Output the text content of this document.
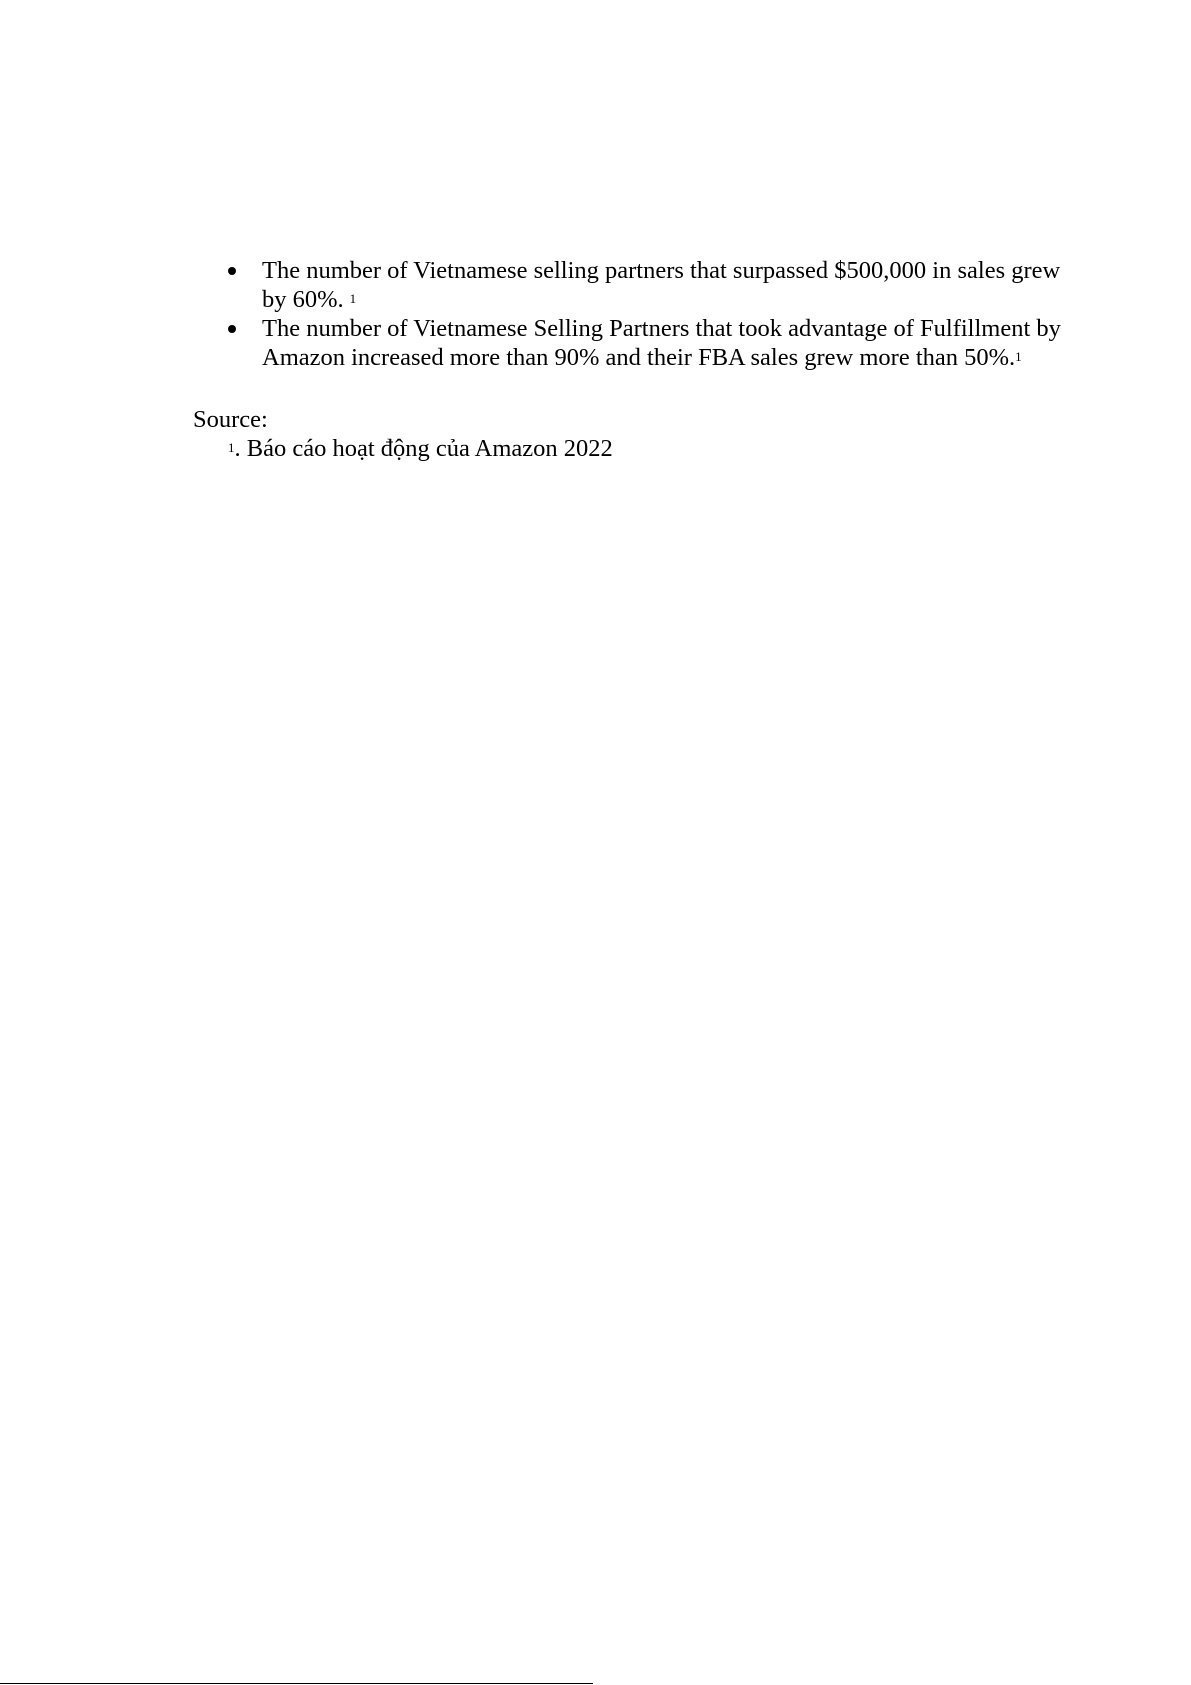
The number of Vietnamese selling partners that surpassed $500,000 in sales grew by 60%. $^1$
The number of Vietnamese Selling Partners that took advantage of Fulfillment by Amazon increased more than 90% and their FBA sales grew more than 50%.$^1$

Source:

$^1$. Báo cáo hoạt động của Amazon 2022
